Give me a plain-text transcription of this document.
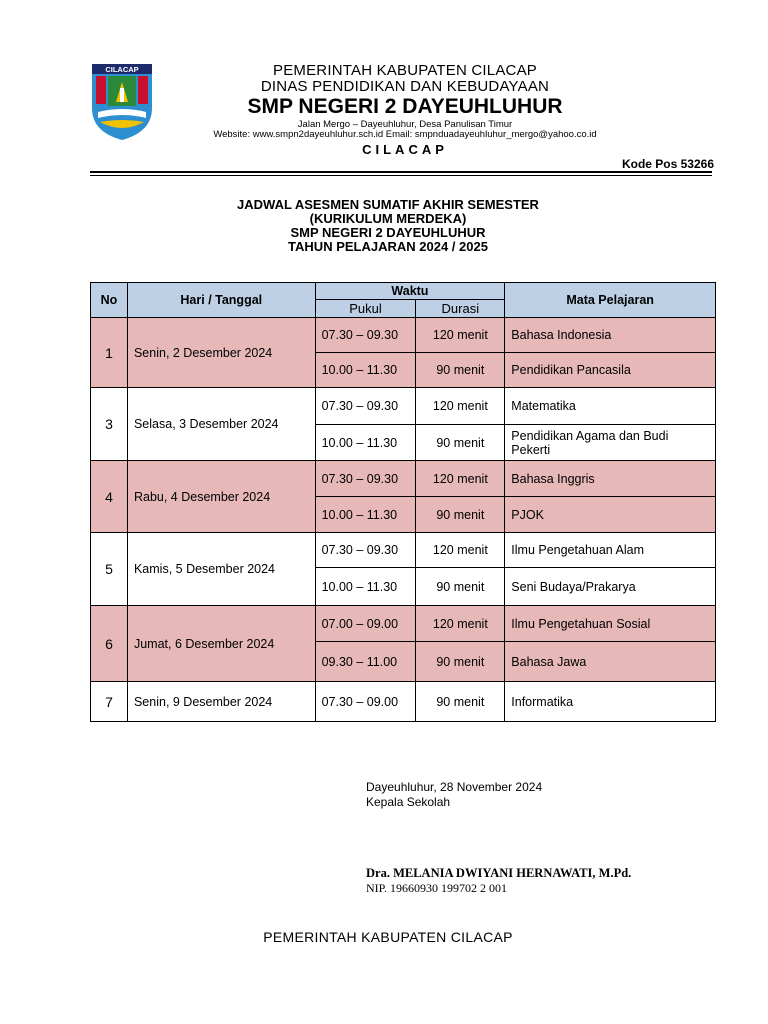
CILACAP	PEMERINTAH KABUPATEN CILACAP
DINAS PENDIDIKAN DAN KEBUDAYAAN
SMP NEGERI 2 DAYEUHLUHUR
Jalan Mergo – Dayeuhluhur, Desa Panulisan Timur
Website: www.smpn2dayeuhluhur.sch.id Email: smpnduadayeuhluhur_mergo@yahoo.co.id
CILACAP
Kode Pos 53266
JADWAL ASESMEN SUMATIF AKHIR SEMESTER
(KURIKULUM MERDEKA)
SMP NEGERI 2 DAYEUHLUHUR
TAHUN PELAJARAN 2024 / 2025
No	Hari / Tanggal	Waktu		Mata Pelajaran
		Pukul	Durasi	
1	Senin, 2 Desember 2024	07.30 – 09.30	120 menit	Bahasa Indonesia
		10.00 – 11.30	90 menit	Pendidikan Pancasila
3	Selasa, 3 Desember 2024	07.30 – 09.30	120 menit	Matematika
		10.00 – 11.30	90 menit	Pendidikan Agama dan Budi Pekerti
4	Rabu, 4 Desember 2024	07.30 – 09.30	120 menit	Bahasa Inggris
		10.00 – 11.30	90 menit	PJOK
5	Kamis, 5 Desember 2024	07.30 – 09.30	120 menit	Ilmu Pengetahuan Alam
		10.00 – 11.30	90 menit	Seni Budaya/Prakarya
6	Jumat, 6 Desember 2024	07.00 – 09.00	120 menit	Ilmu Pengetahuan Sosial
		09.30 – 11.00	90 menit	Bahasa Jawa
7	Senin, 9 Desember 2024	07.30 – 09.00	90 menit	Informatika
Dayeuhluhur, 28 November 2024
Kepala Sekolah
Dra. MELANIA DWIYANI HERNAWATI, M.Pd.
NIP. 19660930 199702 2 001
PEMERINTAH KABUPATEN CILACAP
